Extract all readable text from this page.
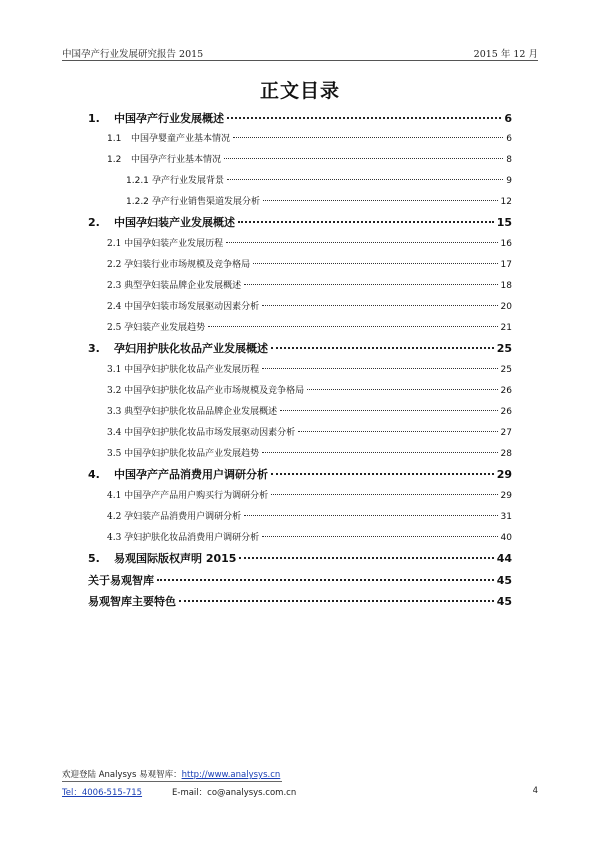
中国孕产行业发展研究报告 2015	2015 年 12 月
正文目录
1.	中国孕产行业发展概述	6
1.1	中国孕婴童产业基本情况	6
1.2	中国孕产行业基本情况	8
1.2.1 孕产行业发展背景	9
1.2.2 孕产行业销售渠道发展分析	12
2.	中国孕妇装产业发展概述	15
2.1 中国孕妇装产业发展历程	16
2.2 孕妇装行业市场规模及竞争格局	17
2.3 典型孕妇装品牌企业发展概述	18
2.4 中国孕妇装市场发展驱动因素分析	20
2.5 孕妇装产业发展趋势	21
3.	孕妇用护肤化妆品产业发展概述	25
3.1 中国孕妇护肤化妆品产业发展历程	25
3.2 中国孕妇护肤化妆品产业市场规模及竞争格局	26
3.3 典型孕妇护肤化妆品品牌企业发展概述	26
3.4 中国孕妇护肤化妆品市场发展驱动因素分析	27
3.5 中国孕妇护肤化妆品产业发展趋势	28
4.	中国孕产产品消费用户调研分析	29
4.1 中国孕产产品用户购买行为调研分析	29
4.2 孕妇装产品消费用户调研分析	31
4.3 孕妇护肤化妆品消费用户调研分析	40
5.	易观国际版权声明 2015	44
关于易观智库	45
易观智库主要特色	45
欢迎登陆 Analysys 易观智库：http://www.analysys.cn
Tel：4006-515-715	E-mail：co@analysys.com.cn	4
